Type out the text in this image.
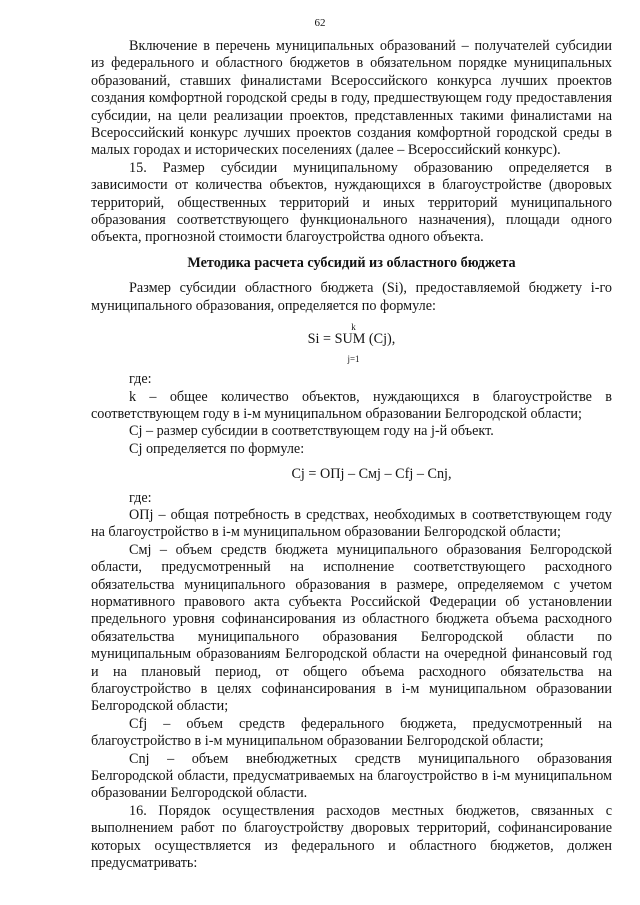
62

Включение в перечень муниципальных образований – получателей субсидии из федерального и областного бюджетов в обязательном порядке муниципальных образований, ставших финалистами Всероссийского конкурса лучших проектов создания комфортной городской среды в году, предшествующем году предоставления субсидии, на цели реализации проектов, представленных такими финалистами на Всероссийский конкурс лучших проектов создания комфортной городской среды в малых городах и исторических поселениях (далее – Всероссийский конкурс).

15. Размер субсидии муниципальному образованию определяется в зависимости от количества объектов, нуждающихся в благоустройстве (дворовых территорий, общественных территорий и иных территорий муниципального образования соответствующего функционального назначения), площади одного объекта, прогнозной стоимости благоустройства одного объекта.

Методика расчета субсидий из областного бюджета

Размер субсидии областного бюджета (Si), предоставляемой бюджету i-го муниципального образования, определяется по формуле:

k
Si = SUM (Cj),
j=1

где:

k – общее количество объектов, нуждающихся в благоустройстве в соответствующем году в i-м муниципальном образовании Белгородской области;

Cj – размер субсидии в соответствующем году на j-й объект.

Cj определяется по формуле:

Cj = ОПj – Cмj – Cfj – Cnj,

где:

ОПj – общая потребность в средствах, необходимых в соответствующем году на благоустройство в i-м муниципальном образовании Белгородской области;

Cмj – объем средств бюджета муниципального образования Белгородской области, предусмотренный на исполнение соответствующего расходного обязательства муниципального образования в размере, определяемом с учетом нормативного правового акта субъекта Российской Федерации об установлении предельного уровня софинансирования из областного бюджета объема расходного обязательства муниципального образования Белгородской области по муниципальным образованиям Белгородской области на очередной финансовый год и на плановый период, от общего объема расходного обязательства на благоустройство в целях софинансирования в i-м муниципальном образовании Белгородской области;

Cfj – объем средств федерального бюджета, предусмотренный на благоустройство в i-м муниципальном образовании Белгородской области;

Cnj – объем внебюджетных средств муниципального образования Белгородской области, предусматриваемых на благоустройство в i-м муниципальном образовании Белгородской области.

16. Порядок осуществления расходов местных бюджетов, связанных с выполнением работ по благоустройству дворовых территорий, софинансирование которых осуществляется из федерального и областного бюджетов, должен предусматривать:
